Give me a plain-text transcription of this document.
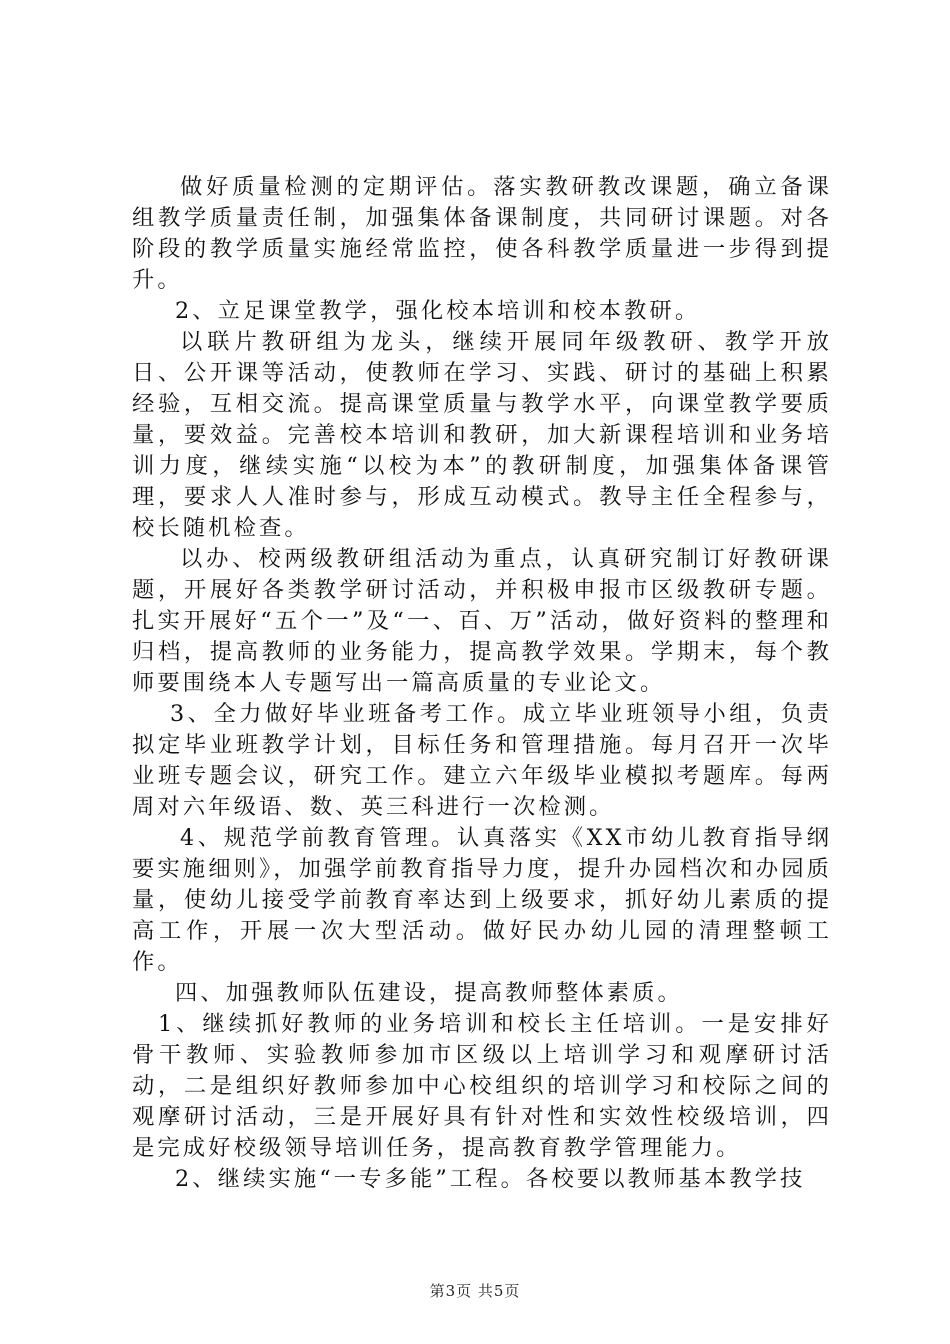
做好质量检测的定期评估。落实教研教改课题，确立备课组教学质量责任制，加强集体备课制度，共同研讨课题。对各阶段的教学质量实施经常监控，使各科教学质量进一步得到提升。

2、立足课堂教学，强化校本培训和校本教研。

以联片教研组为龙头，继续开展同年级教研、教学开放日、公开课等活动，使教师在学习、实践、研讨的基础上积累经验，互相交流。提高课堂质量与教学水平，向课堂教学要质量，要效益。完善校本培训和教研，加大新课程培训和业务培训力度，继续实施“以校为本”的教研制度，加强集体备课管理，要求人人准时参与，形成互动模式。教导主任全程参与，校长随机检查。

以办、校两级教研组活动为重点，认真研究制订好教研课题，开展好各类教学研讨活动，并积极申报市区级教研专题。扎实开展好“五个一”及“一、百、万”活动，做好资料的整理和归档，提高教师的业务能力，提高教学效果。学期末，每个教师要围绕本人专题写出一篇高质量的专业论文。

3、全力做好毕业班备考工作。成立毕业班领导小组，负责拟定毕业班教学计划，目标任务和管理措施。每月召开一次毕业班专题会议，研究工作。建立六年级毕业模拟考题库。每两周对六年级语、数、英三科进行一次检测。

4、规范学前教育管理。认真落实《XX市幼儿教育指导纲要实施细则》，加强学前教育指导力度，提升办园档次和办园质量，使幼儿接受学前教育率达到上级要求，抓好幼儿素质的提高工作，开展一次大型活动。做好民办幼儿园的清理整顿工作。

四、加强教师队伍建设，提高教师整体素质。

1、继续抓好教师的业务培训和校长主任培训。一是安排好骨干教师、实验教师参加市区级以上培训学习和观摩研讨活动，二是组织好教师参加中心校组织的培训学习和校际之间的观摩研讨活动，三是开展好具有针对性和实效性校级培训，四是完成好校级领导培训任务，提高教育教学管理能力。

2、继续实施“一专多能”工程。各校要以教师基本教学技

第3页 共5页
